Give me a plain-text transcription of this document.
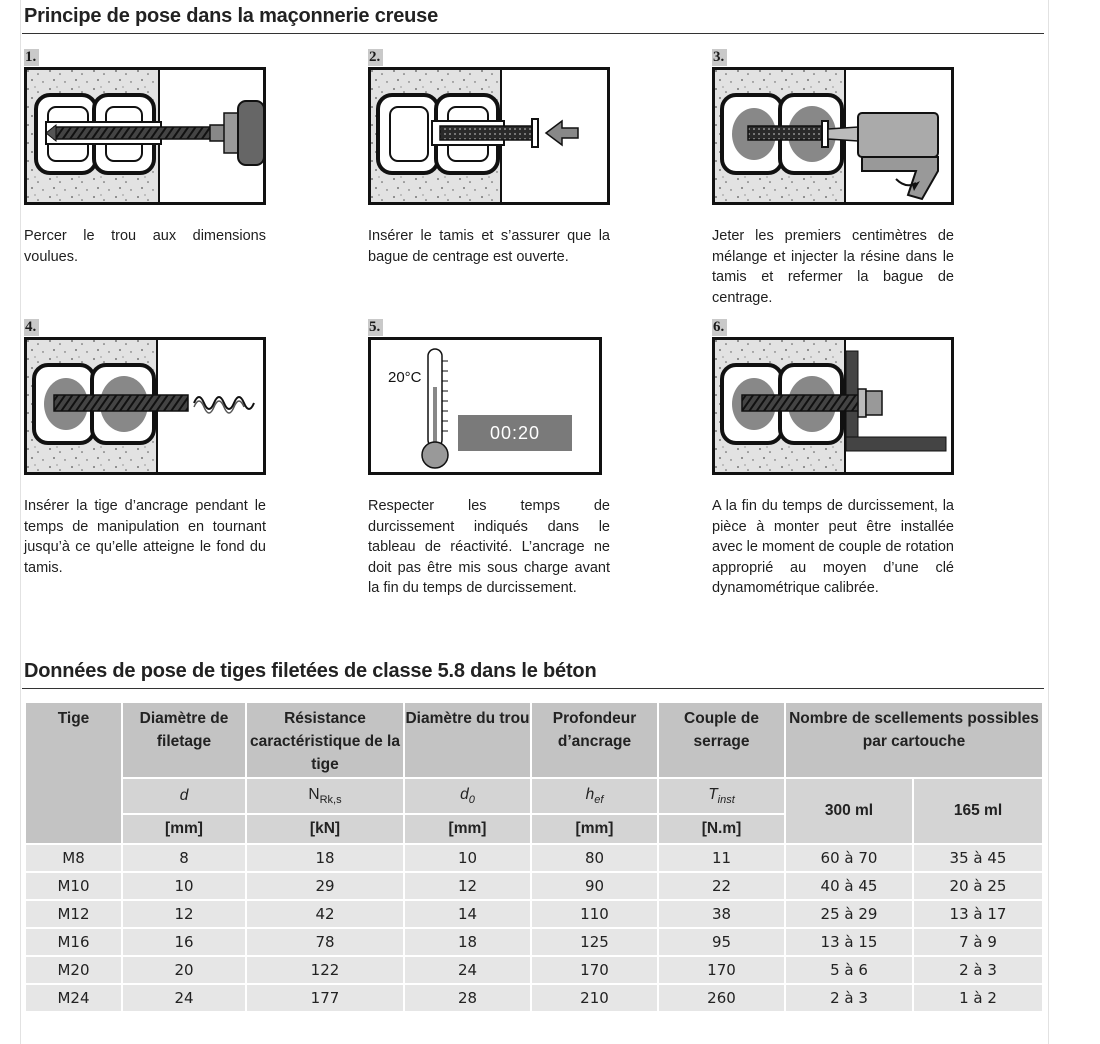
Principe de pose dans la maçonnerie creuse
1.
Percer le trou aux dimensions voulues.
2.
Insérer le tamis et s’assurer que la bague de centrage est ouverte.
3.
Jeter les premiers centimètres de mélange et injecter la résine dans le tamis et refermer la bague de centrage.
4.
Insérer la tige d’ancrage pendant le temps de manipulation en tournant jusqu’à ce qu’elle atteigne le fond du tamis.
5.
20°C
00:20
Respecter les temps de durcissement indiqués dans le tableau de réactivité. L’ancrage ne doit pas être mis sous charge avant la fin du temps de durcissement.
6.
A la fin du temps de durcissement, la pièce à monter peut être installée avec le moment de couple de rotation approprié au moyen d’une clé dynamométrique calibrée.
Données de pose de tiges filetées de classe 5.8 dans le béton
Tige	Diamètre de filetage	Résistance caractéristique de la tige	Diamètre du trou	Profondeur d’ancrage	Couple de serrage	Nombre de scellements possibles par cartouche	
	d	$N_{Rk,s}$	$d_0$	$h_{ef}$	$T_{inst}$	300 ml	165 ml
	[mm]	[kN]	[mm]	[mm]	[N.m]		
M8	8	18	10	80	11	60 à 70	35 à 45
M10	10	29	12	90	22	40 à 45	20 à 25
M12	12	42	14	110	38	25 à 29	13 à 17
M16	16	78	18	125	95	13 à 15	7 à 9
M20	20	122	24	170	170	5 à 6	2 à 3
M24	24	177	28	210	260	2 à 3	1 à 2
